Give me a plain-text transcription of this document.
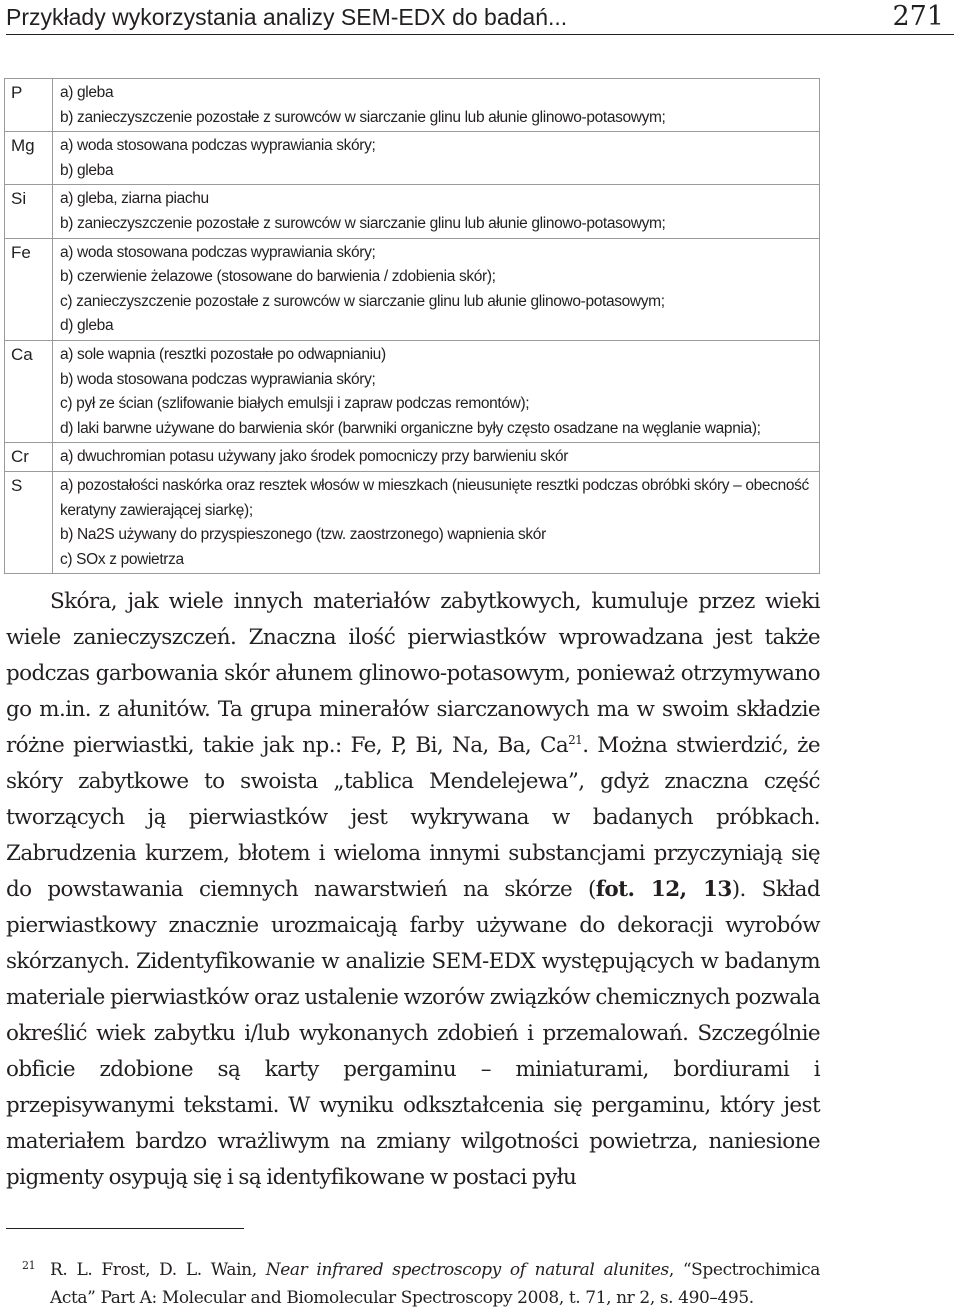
Przykłady wykorzystania analizy SEM-EDX do badań...	271
P	a) gleba
b) zanieczyszczenie pozostałe z surowców w siarczanie glinu lub ałunie glinowo-potasowym;

Mg	a) woda stosowana podczas wyprawiania skóry;
b) gleba

Si	a) gleba, ziarna piachu
b) zanieczyszczenie pozostałe z surowców w siarczanie glinu lub ałunie glinowo-potasowym;

Fe	a) woda stosowana podczas wyprawiania skóry;
b) czerwienie żelazowe (stosowane do barwienia / zdobienia skór);
c) zanieczyszczenie pozostałe z surowców w siarczanie glinu lub ałunie glinowo-potasowym;
d) gleba

Ca	a) sole wapnia (resztki pozostałe po odwapnianiu)
b) woda stosowana podczas wyprawiania skóry;
c) pył ze ścian (szlifowanie białych emulsji i zapraw podczas remontów);
d) laki barwne używane do barwienia skór (barwniki organiczne były często osadzane na węglanie wapnia);

Cr	a) dwuchromian potasu używany jako środek pomocniczy przy barwieniu skór

S	a) pozostałości naskórka oraz resztek włosów w mieszkach (nieusunięte resztki podczas obróbki skóry – obecność keratyny zawierającej siarkę);
b) Na2S używany do przyspieszonego (tzw. zaostrzonego) wapnienia skór
c) SOx z powietrza

Skóra, jak wiele innych materiałów zabytkowych, kumuluje przez wieki wiele zanieczyszczeń. Znaczna ilość pierwiastków wprowadzana jest także podczas garbowania skór ałunem glinowo-potasowym, ponieważ otrzymywano go m.in. z ałunitów. Ta grupa minerałów siarczanowych ma w swoim składzie różne pierwiastki, takie jak np.: Fe, P, Bi, Na, Ba, Ca$^{21}$. Można stwierdzić, że skóry zabytkowe to swoista „tablica Mendelejewa”, gdyż znaczna część tworzących ją pierwiastków jest wykrywana w badanych próbkach. Zabrudzenia kurzem, błotem i wieloma innymi substancjami przyczyniają się do powstawania ciemnych nawarstwień na skórze (fot. 12, 13). Skład pierwiastkowy znacznie urozmaicają farby używane do dekoracji wyrobów skórzanych. Zidentyfikowanie w analizie SEM-EDX występujących w badanym materiale pierwiastków oraz ustalenie wzorów związków chemicznych pozwala określić wiek zabytku i/lub wykonanych zdobień i przemalowań. Szczególnie obficie zdobione są karty pergaminu – miniaturami, bordiurami i przepisywanymi tekstami. W wyniku odkształcenia się pergaminu, który jest materiałem bardzo wrażliwym na zmiany wilgotności powietrza, naniesione pigmenty osypują się i są identyfikowane w postaci pyłu

21 R. L. Frost, D. L. Wain, Near infrared spectroscopy of natural alunites, “Spectrochimica Acta” Part A: Molecular and Biomolecular Spectroscopy 2008, t. 71, nr 2, s. 490–495.
